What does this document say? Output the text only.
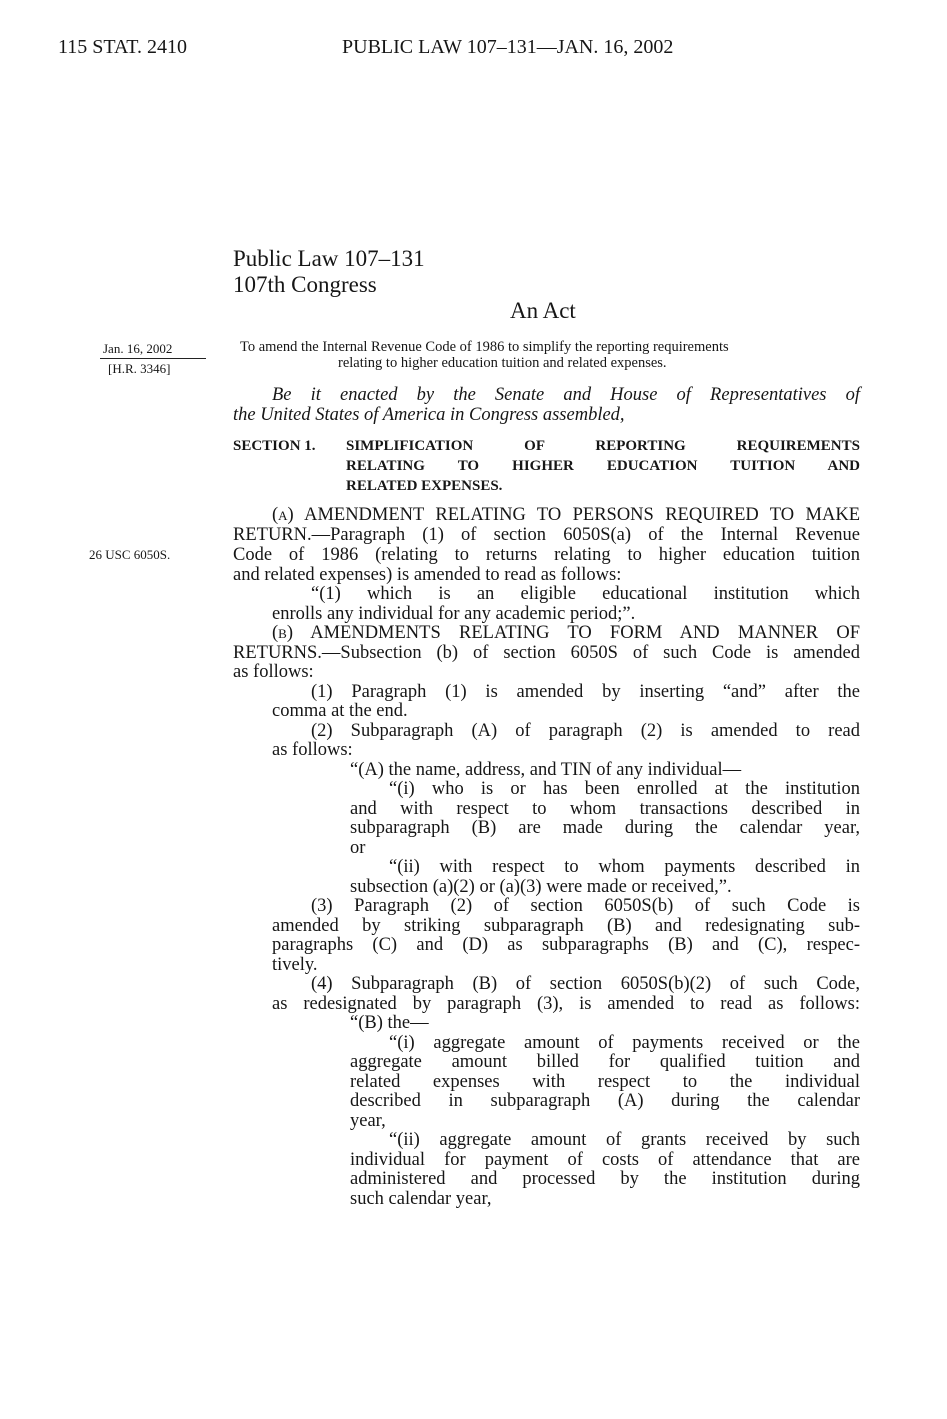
115 STAT. 2410	PUBLIC LAW 107–131—JAN. 16, 2002
Public Law 107–131
107th Congress
An Act
Jan. 16, 2002
[H.R. 3346]
26 USC 6050S.
To amend the Internal Revenue Code of 1986 to simplify the reporting requirements
relating to higher education tuition and related expenses.
Be it enacted by the Senate and House of Representatives of
the United States of America in Congress assembled,
SECTION 1. SIMPLIFICATION OF REPORTING REQUIREMENTS
RELATING TO HIGHER EDUCATION TUITION AND
RELATED EXPENSES.
(a) AMENDMENT RELATING TO PERSONS REQUIRED TO MAKE
RETURN.—Paragraph (1) of section 6050S(a) of the Internal Revenue
Code of 1986 (relating to returns relating to higher education tuition
and related expenses) is amended to read as follows:
“(1) which is an eligible educational institution which
enrolls any individual for any academic period;”.
(b) AMENDMENTS RELATING TO FORM AND MANNER OF
RETURNS.—Subsection (b) of section 6050S of such Code is amended
as follows:
(1) Paragraph (1) is amended by inserting “and” after the
comma at the end.
(2) Subparagraph (A) of paragraph (2) is amended to read
as follows:
“(A) the name, address, and TIN of any individual—
“(i) who is or has been enrolled at the institution
and with respect to whom transactions described in
subparagraph (B) are made during the calendar year,
or
“(ii) with respect to whom payments described in
subsection (a)(2) or (a)(3) were made or received,”.
(3) Paragraph (2) of section 6050S(b) of such Code is
amended by striking subparagraph (B) and redesignating sub-
paragraphs (C) and (D) as subparagraphs (B) and (C), respec-
tively.
(4) Subparagraph (B) of section 6050S(b)(2) of such Code,
as redesignated by paragraph (3), is amended to read as follows:
“(B) the—
“(i) aggregate amount of payments received or the
aggregate amount billed for qualified tuition and
related expenses with respect to the individual
described in subparagraph (A) during the calendar
year,
“(ii) aggregate amount of grants received by such
individual for payment of costs of attendance that are
administered and processed by the institution during
such calendar year,
